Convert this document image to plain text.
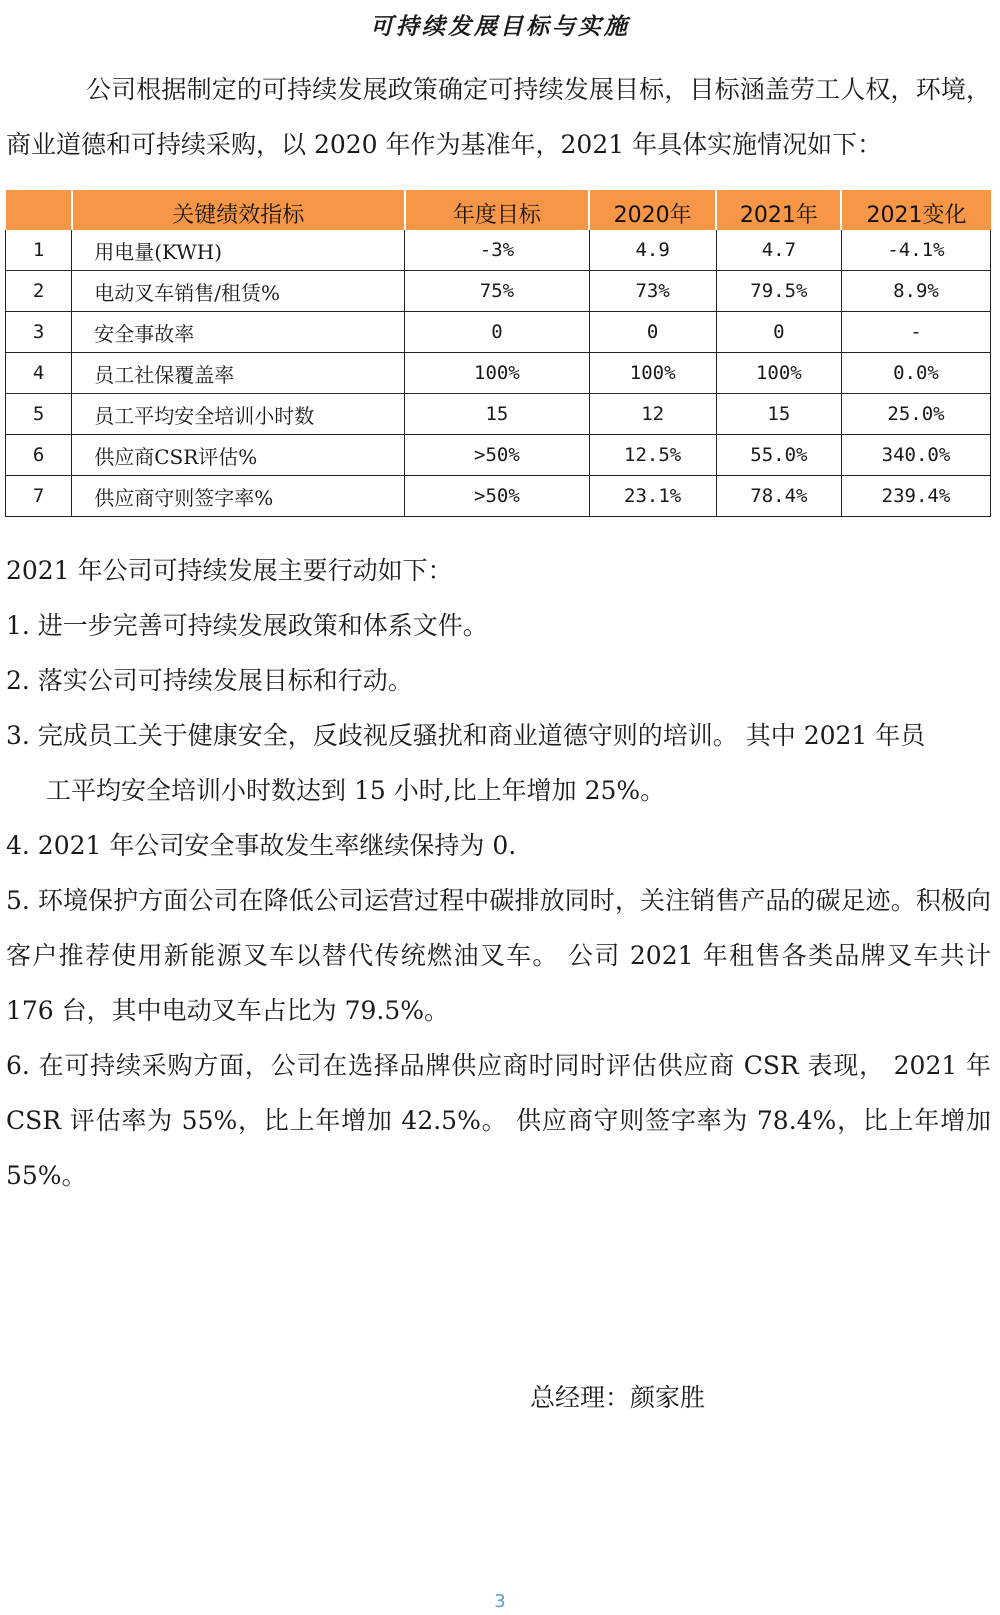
可持续发展目标与实施

公司根据制定的可持续发展政策确定可持续发展目标，目标涵盖劳工人权，环境，商业道德和可持续采购，以 2020 年作为基准年，2021 年具体实施情况如下：

	关键绩效指标	年度目标	2020年	2021年	2021变化
1	用电量(KWH)	-3%	4.9	4.7	-4.1%
2	电动叉车销售/租赁%	75%	73%	79.5%	8.9%
3	安全事故率	0	0	0	-
4	员工社保覆盖率	100%	100%	100%	0.0%
5	员工平均安全培训小时数	15	12	15	25.0%
6	供应商CSR评估%	>50%	12.5%	55.0%	340.0%
7	供应商守则签字率%	>50%	23.1%	78.4%	239.4%

2021 年公司可持续发展主要行动如下：

1. 进一步完善可持续发展政策和体系文件。

2. 落实公司可持续发展目标和行动。

3. 完成员工关于健康安全，反歧视反骚扰和商业道德守则的培训。 其中 2021 年员

工平均安全培训小时数达到 15 小时,比上年增加 25%。

4. 2021 年公司安全事故发生率继续保持为 0.

5. 环境保护方面公司在降低公司运营过程中碳排放同时，关注销售产品的碳足迹。积极向客户推荐使用新能源叉车以替代传统燃油叉车。 公司 2021 年租售各类品牌叉车共计 176 台，其中电动叉车占比为 79.5%。

6. 在可持续采购方面，公司在选择品牌供应商时同时评估供应商 CSR 表现， 2021 年 CSR 评估率为 55%，比上年增加 42.5%。 供应商守则签字率为 78.4%，比上年增加 55%。

总经理：颜家胜

3
